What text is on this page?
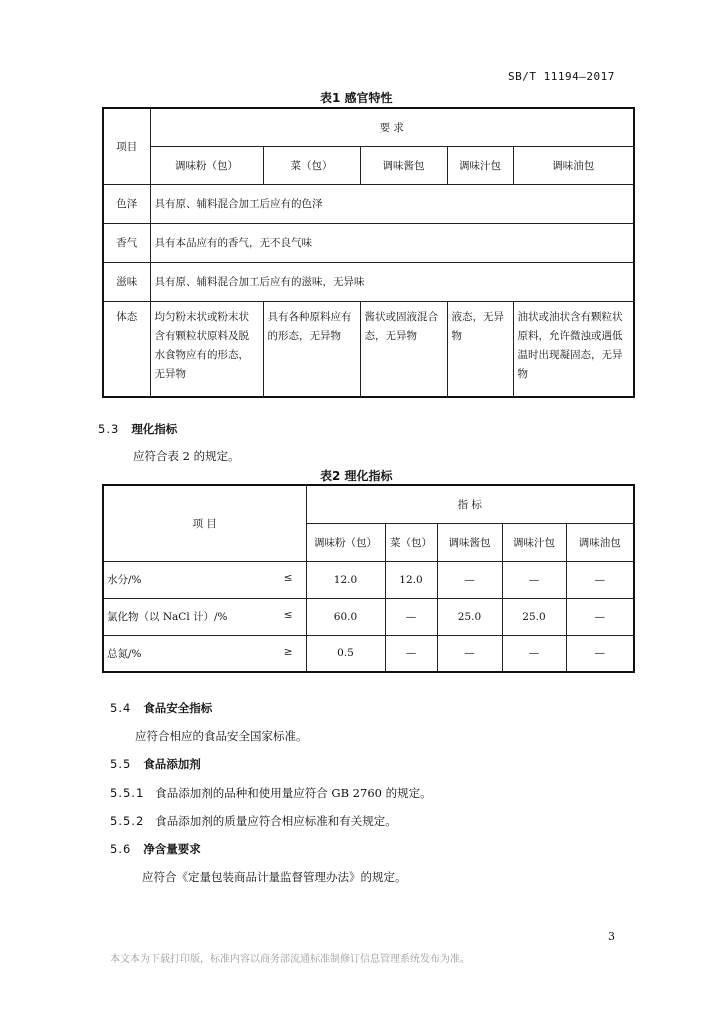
SB/T 11194—2017
表1 感官特性
项目	要 求				
	调味粉（包）	菜（包）	调味酱包	调味汁包	调味油包
色泽	具有原、辅料混合加工后应有的色泽				
香气	具有本品应有的香气，无不良气味				
滋味	具有原、辅料混合加工后应有的滋味，无异味				
体态	均匀粉末状或粉末状含有颗粒状原料及脱水食物应有的形态，无异物	具有各种原料应有的形态，无异物	酱状或固液混合态，无异物	液态，无异物	油状或油状含有颗粒状原料，允许微浊或遇低温时出现凝固态，无异物
5.3 理化指标
应符合表 2 的规定。
表2 理化指标
项 目	指 标				
	调味粉（包）	菜（包）	调味酱包	调味汁包	调味油包
水分/% ≤	12.0	12.0	—	—	—
氯化物（以 NaCl 计）/% ≤	60.0	—	25.0	25.0	—
总氮/% ≥	0.5	—	—	—	—
5.4 食品安全指标
应符合相应的食品安全国家标准。
5.5 食品添加剂
5.5.1 食品添加剂的品种和使用量应符合 GB 2760 的规定。
5.5.2 食品添加剂的质量应符合相应标准和有关规定。
5.6 净含量要求
应符合《定量包装商品计量监督管理办法》的规定。
3
本文本为下载打印版，标准内容以商务部流通标准制修订信息管理系统发布为准。
